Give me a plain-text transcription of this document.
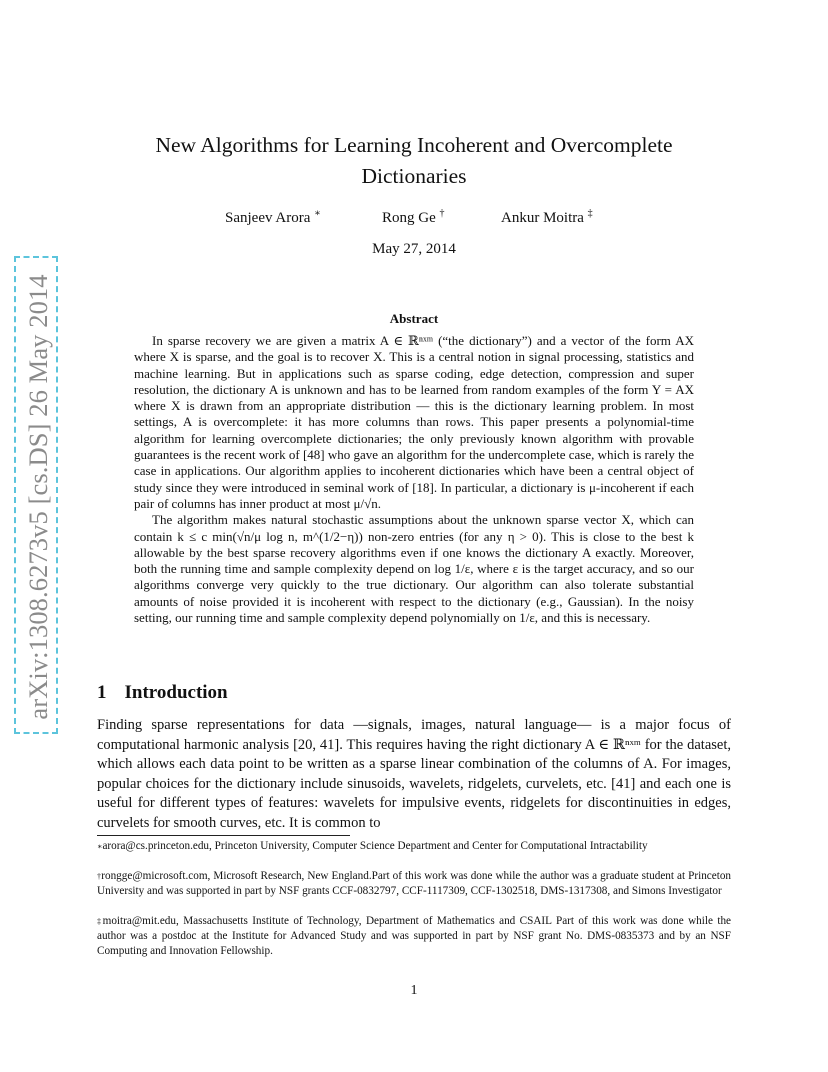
arXiv:1308.6273v5 [cs.DS] 26 May 2014
New Algorithms for Learning Incoherent and Overcomplete
Dictionaries
Sanjeev Arora ∗	Rong Ge †	Ankur Moitra ‡
May 27, 2014
Abstract

In sparse recovery we are given a matrix A ∈ ℝⁿˣᵐ (“the dictionary”) and a vector of the form AX where X is sparse, and the goal is to recover X. This is a central notion in signal processing, statistics and machine learning. But in applications such as sparse coding, edge detection, compression and super resolution, the dictionary A is unknown and has to be learned from random examples of the form Y = AX where X is drawn from an appropriate distribution — this is the dictionary learning problem. In most settings, A is overcomplete: it has more columns than rows. This paper presents a polynomial-time algorithm for learning overcomplete dictionaries; the only previously known algorithm with provable guarantees is the recent work of [48] who gave an algorithm for the undercomplete case, which is rarely the case in applications. Our algorithm applies to incoherent dictionaries which have been a central object of study since they were introduced in seminal work of [18]. In particular, a dictionary is μ-incoherent if each pair of columns has inner product at most μ/√n.

The algorithm makes natural stochastic assumptions about the unknown sparse vector X, which can contain k ≤ c min(√n/μ log n, m^(1/2−η)) non-zero entries (for any η > 0). This is close to the best k allowable by the best sparse recovery algorithms even if one knows the dictionary A exactly. Moreover, both the running time and sample complexity depend on log 1/ε, where ε is the target accuracy, and so our algorithms converge very quickly to the true dictionary. Our algorithm can also tolerate substantial amounts of noise provided it is incoherent with respect to the dictionary (e.g., Gaussian). In the noisy setting, our running time and sample complexity depend polynomially on 1/ε, and this is necessary.

1 Introduction

Finding sparse representations for data —signals, images, natural language— is a major focus of computational harmonic analysis [20, 41]. This requires having the right dictionary A ∈ ℝⁿˣᵐ for the dataset, which allows each data point to be written as a sparse linear combination of the columns of A. For images, popular choices for the dictionary include sinusoids, wavelets, ridgelets, curvelets, etc. [41] and each one is useful for different types of features: wavelets for impulsive events, ridgelets for discontinuities in edges, curvelets for smooth curves, etc. It is common to

∗arora@cs.princeton.edu, Princeton University, Computer Science Department and Center for Computational Intractability
†rongge@microsoft.com, Microsoft Research, New England.Part of this work was done while the author was a graduate student at Princeton University and was supported in part by NSF grants CCF-0832797, CCF-1117309, CCF-1302518, DMS-1317308, and Simons Investigator
‡moitra@mit.edu, Massachusetts Institute of Technology, Department of Mathematics and CSAIL Part of this work was done while the author was a postdoc at the Institute for Advanced Study and was supported in part by NSF grant No. DMS-0835373 and by an NSF Computing and Innovation Fellowship.
1
